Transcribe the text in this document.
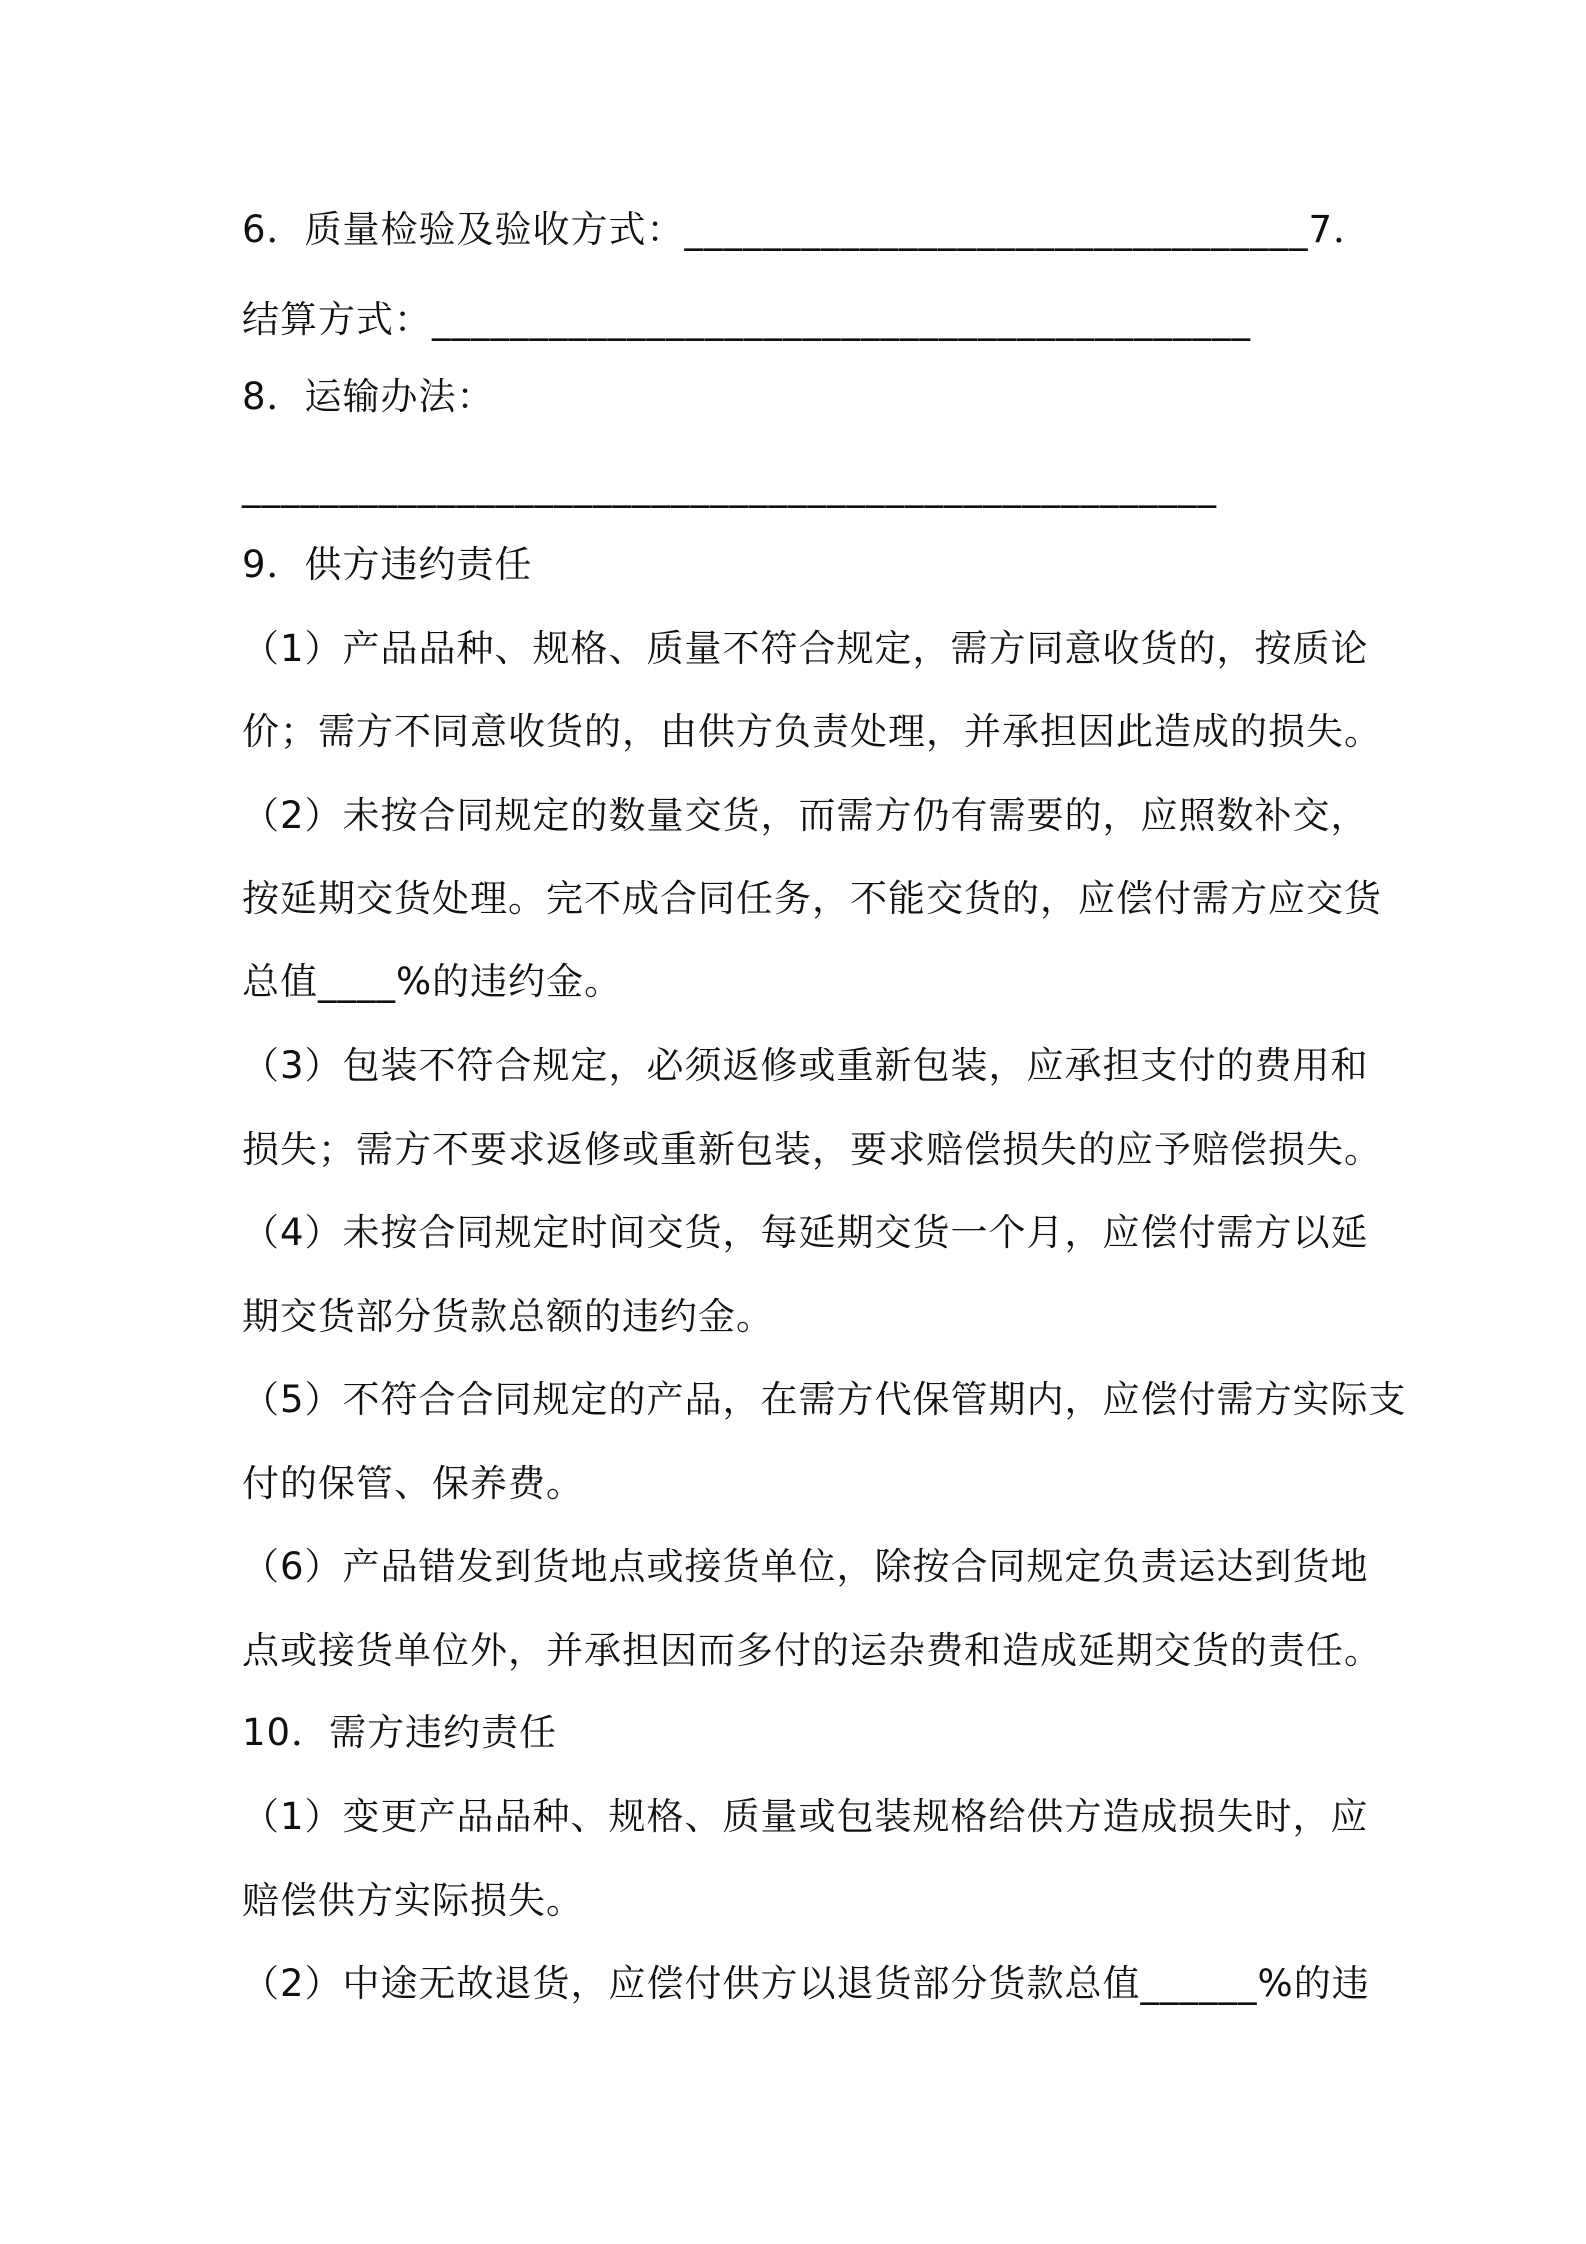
6．质量检验及验收方式：________________________________7．
结算方式：__________________________________________
8．运输办法：
__________________________________________________
9．供方违约责任
（1）产品品种、规格、质量不符合规定，需方同意收货的，按质论
价；需方不同意收货的，由供方负责处理，并承担因此造成的损失。
（2）未按合同规定的数量交货，而需方仍有需要的，应照数补交，
按延期交货处理。完不成合同任务，不能交货的，应偿付需方应交货
总值____%的违约金。
（3）包装不符合规定，必须返修或重新包装，应承担支付的费用和
损失；需方不要求返修或重新包装，要求赔偿损失的应予赔偿损失。
（4）未按合同规定时间交货，每延期交货一个月，应偿付需方以延
期交货部分货款总额的违约金。
（5）不符合合同规定的产品，在需方代保管期内，应偿付需方实际支
付的保管、保养费。
（6）产品错发到货地点或接货单位，除按合同规定负责运达到货地
点或接货单位外，并承担因而多付的运杂费和造成延期交货的责任。
10．需方违约责任
（1）变更产品品种、规格、质量或包装规格给供方造成损失时，应
赔偿供方实际损失。
（2）中途无故退货，应偿付供方以退货部分货款总值______%的违
